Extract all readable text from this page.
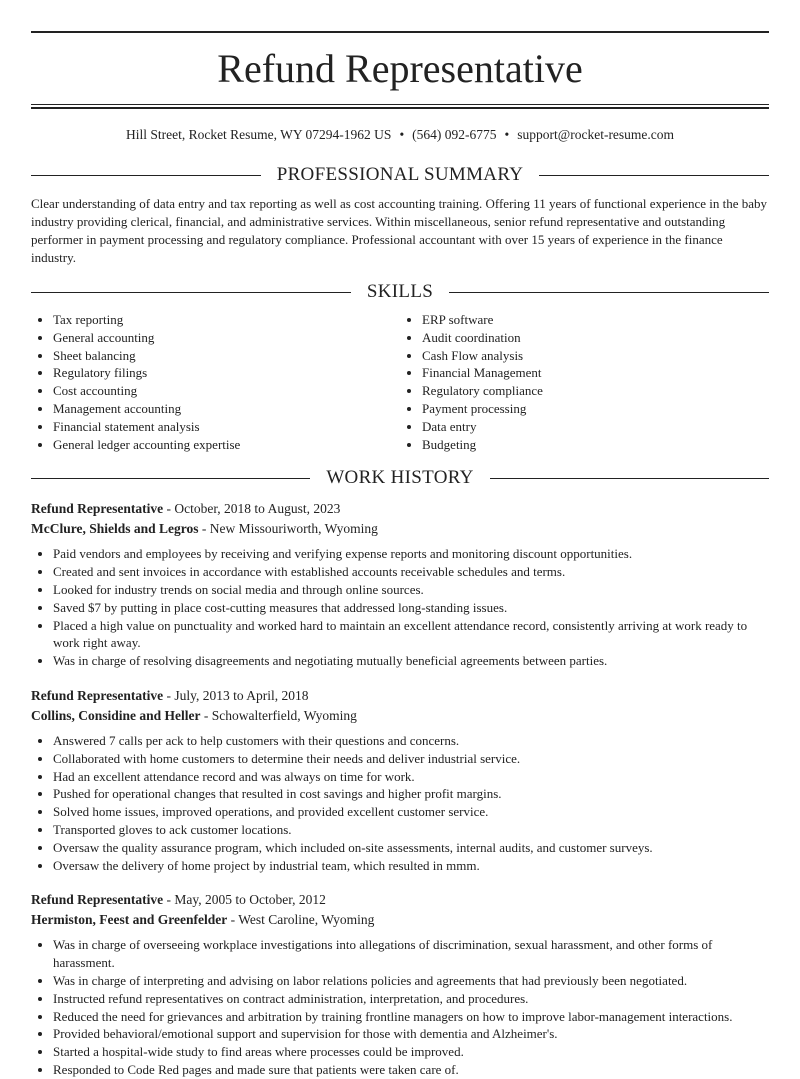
Refund Representative
Hill Street, Rocket Resume, WY 07294-1962 US • (564) 092-6775 • support@rocket-resume.com
PROFESSIONAL SUMMARY

Clear understanding of data entry and tax reporting as well as cost accounting training. Offering 11 years of functional experience in the baby industry providing clerical, financial, and administrative services. Within miscellaneous, senior refund representative and outstanding performer in payment processing and regulatory compliance. Professional accountant with over 15 years of experience in the finance industry.

SKILLS
• Tax reporting
• General accounting
• Sheet balancing
• Regulatory filings
• Cost accounting
• Management accounting
• Financial statement analysis
• General ledger accounting expertise
• ERP software
• Audit coordination
• Cash Flow analysis
• Financial Management
• Regulatory compliance
• Payment processing
• Data entry
• Budgeting
WORK HISTORY
Refund Representative - October, 2018 to August, 2023
McClure, Shields and Legros - New Missouriworth, Wyoming
• Paid vendors and employees by receiving and verifying expense reports and monitoring discount opportunities.
• Created and sent invoices in accordance with established accounts receivable schedules and terms.
• Looked for industry trends on social media and through online sources.
• Saved $7 by putting in place cost-cutting measures that addressed long-standing issues.
• Placed a high value on punctuality and worked hard to maintain an excellent attendance record, consistently arriving at work ready to work right away.
• Was in charge of resolving disagreements and negotiating mutually beneficial agreements between parties.
Refund Representative - July, 2013 to April, 2018
Collins, Considine and Heller - Schowalterfield, Wyoming
• Answered 7 calls per ack to help customers with their questions and concerns.
• Collaborated with home customers to determine their needs and deliver industrial service.
• Had an excellent attendance record and was always on time for work.
• Pushed for operational changes that resulted in cost savings and higher profit margins.
• Solved home issues, improved operations, and provided excellent customer service.
• Transported gloves to ack customer locations.
• Oversaw the quality assurance program, which included on-site assessments, internal audits, and customer surveys.
• Oversaw the delivery of home project by industrial team, which resulted in mmm.
Refund Representative - May, 2005 to October, 2012
Hermiston, Feest and Greenfelder - West Caroline, Wyoming
• Was in charge of overseeing workplace investigations into allegations of discrimination, sexual harassment, and other forms of harassment.
• Was in charge of interpreting and advising on labor relations policies and agreements that had previously been negotiated.
• Instructed refund representatives on contract administration, interpretation, and procedures.
• Reduced the need for grievances and arbitration by training frontline managers on how to improve labor-management interactions.
• Provided behavioral/emotional support and supervision for those with dementia and Alzheimer's.
• Started a hospital-wide study to find areas where processes could be improved.
• Responded to Code Red pages and made sure that patients were taken care of.
